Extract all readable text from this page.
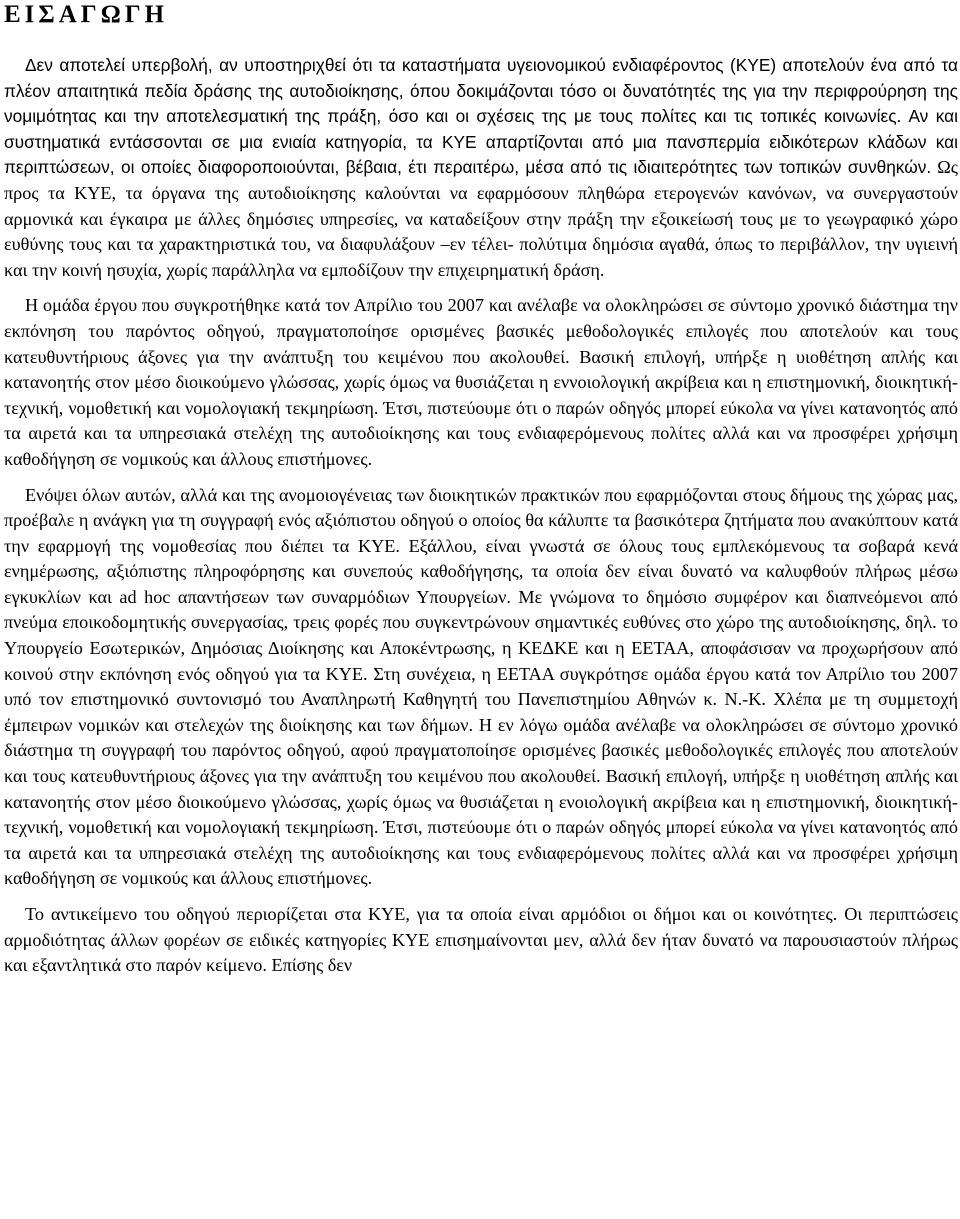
ΕΙΣΑΓΩΓΗ

Δεν αποτελεί υπερβολή, αν υποστηριχθεί ότι τα καταστήματα υγειονομικού ενδιαφέροντος (ΚΥΕ) αποτελούν ένα από τα πλέον απαιτητικά πεδία δράσης της αυτοδιοίκησης, όπου δοκιμάζονται τόσο οι δυνατότητές της για την περιφρούρηση της νομιμότητας και την αποτελεσματική της πράξη, όσο και οι σχέσεις της με τους πολίτες και τις τοπικές κοινωνίες. Αν και συστηματικά εντάσσονται σε μια ενιαία κατηγορία, τα ΚΥΕ απαρτίζονται από μια πανσπερμία ειδικότερων κλάδων και περιπτώσεων, οι οποίες διαφοροποιούνται, βέβαια, έτι περαιτέρω, μέσα από τις ιδιαιτερότητες των τοπικών συνθηκών. Ως προς τα ΚΥΕ, τα όργανα της αυτοδιοίκησης καλούνται να εφαρμόσουν πληθώρα ετερογενών κανόνων, να συνεργαστούν αρμονικά και έγκαιρα με άλλες δημόσιες υπηρεσίες, να καταδείξουν στην πράξη την εξοικείωσή τους με το γεωγραφικό χώρο ευθύνης τους και τα χαρακτηριστικά του, να διαφυλάξουν –εν τέλει- πολύτιμα δημόσια αγαθά, όπως το περιβάλλον, την υγιεινή και την κοινή ησυχία, χωρίς παράλληλα να εμποδίζουν την επιχειρηματική δράση.

Η ομάδα έργου που συγκροτήθηκε κατά τον Απρίλιο του 2007 και ανέλαβε να ολοκληρώσει σε σύντομο χρονικό διάστημα την εκπόνηση του παρόντος οδηγού, πραγματοποίησε ορισμένες βασικές μεθοδολογικές επιλογές που αποτελούν και τους κατευθυντήριους άξονες για την ανάπτυξη του κειμένου που ακολουθεί. Βασική επιλογή, υπήρξε η υιοθέτηση απλής και κατανοητής στον μέσο διοικούμενο γλώσσας, χωρίς όμως να θυσιάζεται η εννοιολογική ακρίβεια και η επιστημονική, διοικητική-τεχνική, νομοθετική και νομολογιακή τεκμηρίωση. Έτσι, πιστεύουμε ότι ο παρών οδηγός μπορεί εύκολα να γίνει κατανοητός από τα αιρετά και τα υπηρεσιακά στελέχη της αυτοδιοίκησης και τους ενδιαφερόμενους πολίτες αλλά και να προσφέρει χρήσιμη καθοδήγηση σε νομικούς και άλλους επιστήμονες.

Ενόψει όλων αυτών, αλλά και της ανομοιογένειας των διοικητικών πρακτικών που εφαρμόζονται στους δήμους της χώρας μας, προέβαλε η ανάγκη για τη συγγραφή ενός αξιόπιστου οδηγού ο οποίος θα κάλυπτε τα βασικότερα ζητήματα που ανακύπτουν κατά την εφαρμογή της νομοθεσίας που διέπει τα ΚΥΕ. Εξάλλου, είναι γνωστά σε όλους τους εμπλεκόμενους τα σοβαρά κενά ενημέρωσης, αξιόπιστης πληροφόρησης και συνεπούς καθοδήγησης, τα οποία δεν είναι δυνατό να καλυφθούν πλήρως μέσω εγκυκλίων και ad hoc απαντήσεων των συναρμόδιων Υπουργείων. Με γνώμονα το δημόσιο συμφέρον και διαπνεόμενοι από πνεύμα εποικοδομητικής συνεργασίας, τρεις φορές που συγκεντρώνουν σημαντικές ευθύνες στο χώρο της αυτοδιοίκησης, δηλ. το Υπουργείο Εσωτερικών, Δημόσιας Διοίκησης και Αποκέντρωσης, η ΚΕΔΚΕ και η ΕΕΤΑΑ, αποφάσισαν να προχωρήσουν από κοινού στην εκπόνηση ενός οδηγού για τα ΚΥΕ. Στη συνέχεια, η ΕΕΤΑΑ συγκρότησε ομάδα έργου κατά τον Απρίλιο του 2007 υπό τον επιστημονικό συντονισμό του Αναπληρωτή Καθηγητή του Πανεπιστημίου Αθηνών κ. Ν.-Κ. Χλέπα με τη συμμετοχή έμπειρων νομικών και στελεχών της διοίκησης και των δήμων. Η εν λόγω ομάδα ανέλαβε να ολοκληρώσει σε σύντομο χρονικό διάστημα τη συγγραφή του παρόντος οδηγού, αφού πραγματοποίησε ορισμένες βασικές μεθοδολογικές επιλογές που αποτελούν και τους κατευθυντήριους άξονες για την ανάπτυξη του κειμένου που ακολουθεί. Βασική επιλογή, υπήρξε η υιοθέτηση απλής και κατανοητής στον μέσο διοικούμενο γλώσσας, χωρίς όμως να θυσιάζεται η ενοιολογική ακρίβεια και η επιστημονική, διοικητική-τεχνική, νομοθετική και νομολογιακή τεκμηρίωση. Έτσι, πιστεύουμε ότι ο παρών οδηγός μπορεί εύκολα να γίνει κατανοητός από τα αιρετά και τα υπηρεσιακά στελέχη της αυτοδιοίκησης και τους ενδιαφερόμενους πολίτες αλλά και να προσφέρει χρήσιμη καθοδήγηση σε νομικούς και άλλους επιστήμονες.

Το αντικείμενο του οδηγού περιορίζεται στα ΚΥΕ, για τα οποία είναι αρμόδιοι οι δήμοι και οι κοινότητες. Οι περιπτώσεις αρμοδιότητας άλλων φορέων σε ειδικές κατηγορίες ΚΥΕ επισημαίνονται μεν, αλλά δεν ήταν δυνατό να παρουσιαστούν πλήρως και εξαντλητικά στο παρόν κείμενο. Επίσης δεν
